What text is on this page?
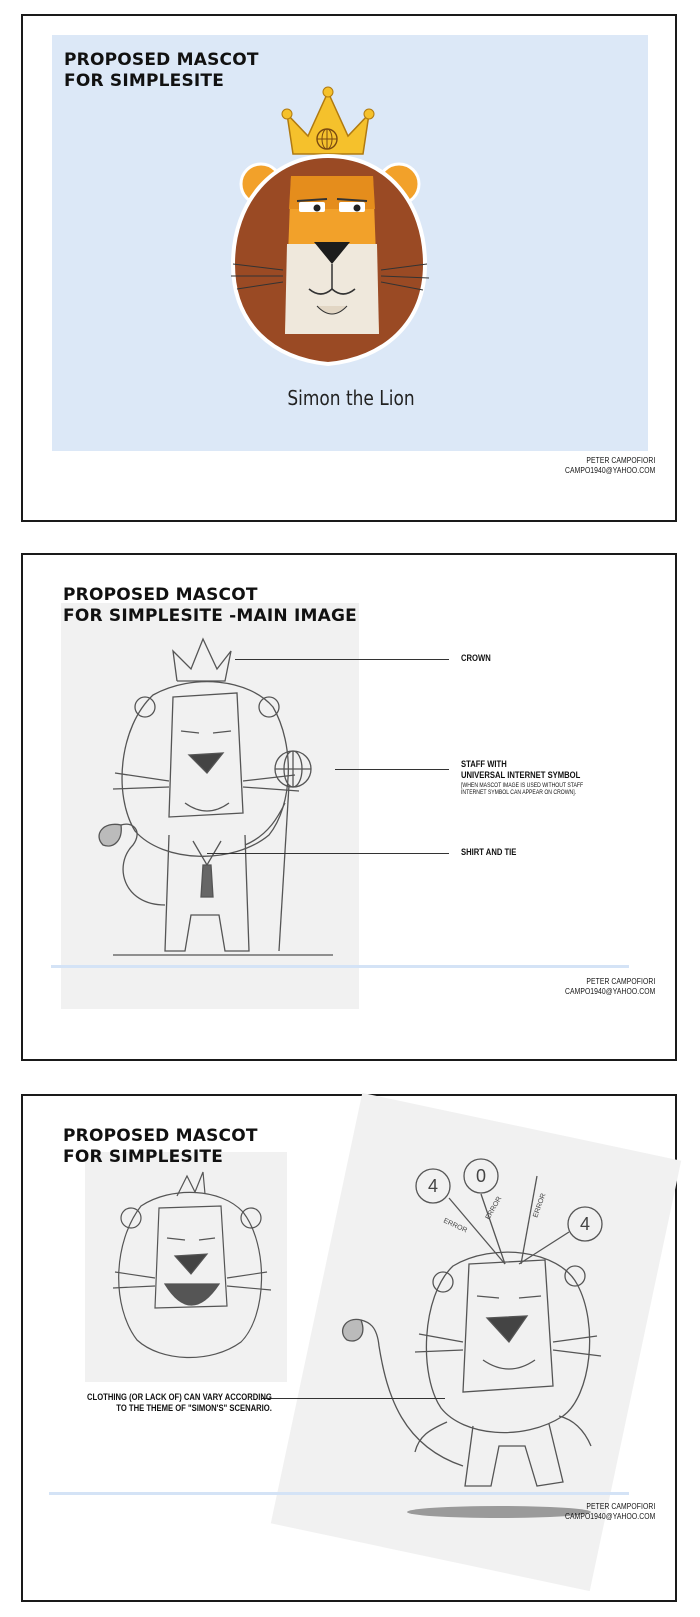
PROPOSED MASCOT
FOR SIMPLESITE
Simon the Lion
PETER CAMPOFIORI
CAMPO1940@YAHOO.COM
PROPOSED MASCOT
FOR SIMPLESITE -MAIN IMAGE
CROWN
STAFF WITH
UNIVERSAL INTERNET SYMBOL
[WHEN MASCOT IMAGE IS USED WITHOUT STAFF
INTERNET SYMBOL CAN APPEAR ON CROWN].
SHIRT AND TIE
PETER CAMPOFIORI
CAMPO1940@YAHOO.COM
PROPOSED MASCOT
FOR SIMPLESITE
4 0
4
ERROR
ERROR	ERROR
CLOTHING (OR LACK OF) CAN VARY ACCORDING
TO THE THEME OF "SIMON'S" SCENARIO.
PETER CAMPOFIORI
CAMPO1940@YAHOO.COM
